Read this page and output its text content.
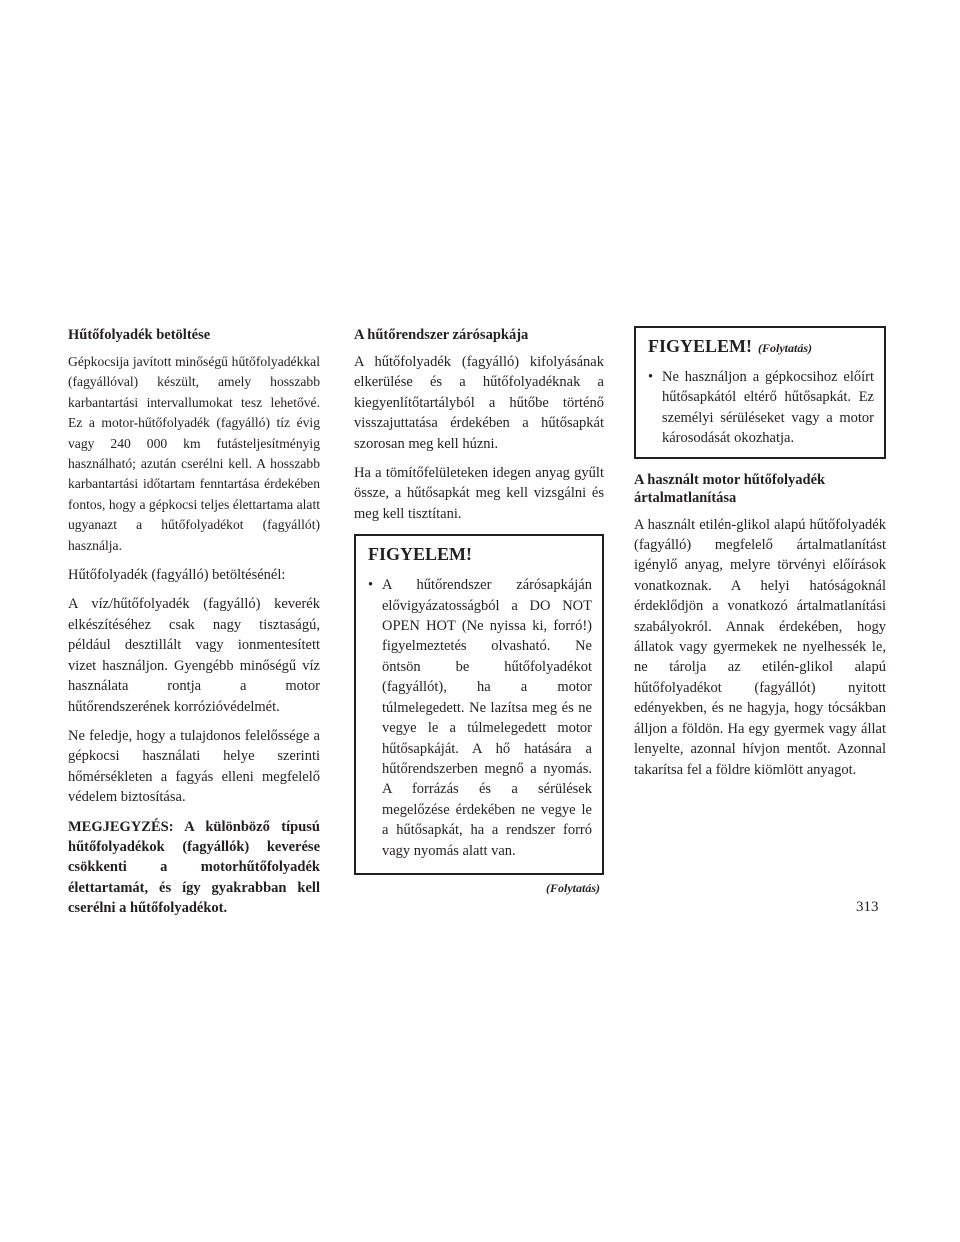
Hűtőfolyadék betöltése

Gépkocsija javított minőségű hűtőfolyadékkal (fagyállóval) készült, amely hosszabb karbantartási intervallumokat tesz lehetővé. Ez a motor-hűtőfolyadék (fagyálló) tíz évig vagy 240 000 km futásteljesítményig használható; azután cserélni kell. A hosszabb karbantartási időtartam fenntartása érdekében fontos, hogy a gépkocsi teljes élettartama alatt ugyanazt a hűtőfolyadékot (fagyállót) használja.

Hűtőfolyadék (fagyálló) betöltésénél:

A víz/hűtőfolyadék (fagyálló) keverék elkészítéséhez csak nagy tisztaságú, például desztillált vagy ionmentesített vizet használjon. Gyengébb minőségű víz használata rontja a motor hűtőrendszerének korrózióvédelmét.

Ne feledje, hogy a tulajdonos felelőssége a gépkocsi használati helye szerinti hőmérsékleten a fagyás elleni megfelelő védelem biztosítása.

MEGJEGYZÉS: A különböző típusú hűtőfolyadékok (fagyállók) keverése csökkenti a motorhűtőfolyadék élettartamát, és így gyakrabban kell cserélni a hűtőfolyadékot.

A hűtőrendszer zárósapkája

A hűtőfolyadék (fagyálló) kifolyásának elkerülése és a hűtőfolyadéknak a kiegyenlítőtartályból a hűtőbe történő visszajuttatása érdekében a hűtősapkát szorosan meg kell húzni.

Ha a tömítőfelületeken idegen anyag gyűlt össze, a hűtősapkát meg kell vizsgálni és meg kell tisztítani.

FIGYELEM!
• A hűtőrendszer zárósapkáján elővigyázatosságból a DO NOT OPEN HOT (Ne nyissa ki, forró!) figyelmeztetés olvasható. Ne öntsön be hűtőfolyadékot (fagyállót), ha a motor túlmelegedett. Ne lazítsa meg és ne vegye le a túlmelegedett motor hűtősapkáját. A hő hatására a hűtőrendszerben megnő a nyomás. A forrázás és a sérülések megelőzése érdekében ne vegye le a hűtősapkát, ha a rendszer forró vagy nyomás alatt van.
(Folytatás)
FIGYELEM! (Folytatás)
• Ne használjon a gépkocsihoz előírt hűtősapkától eltérő hűtősapkát. Ez személyi sérüléseket vagy a motor károsodását okozhatja.
A használt motor hűtőfolyadék ártalmatlanítása

A használt etilén-glikol alapú hűtőfolyadék (fagyálló) megfelelő ártalmatlanítást igénylő anyag, melyre törvényi előírások vonatkoznak. A helyi hatóságoknál érdeklődjön a vonatkozó ártalmatlanítási szabályokról. Annak érdekében, hogy állatok vagy gyermekek ne nyelhessék le, ne tárolja az etilén-glikol alapú hűtőfolyadékot (fagyállót) nyitott edényekben, és ne hagyja, hogy tócsákban álljon a földön. Ha egy gyermek vagy állat lenyelte, azonnal hívjon mentőt. Azonnal takarítsa fel a földre kiömlött anyagot.

313
